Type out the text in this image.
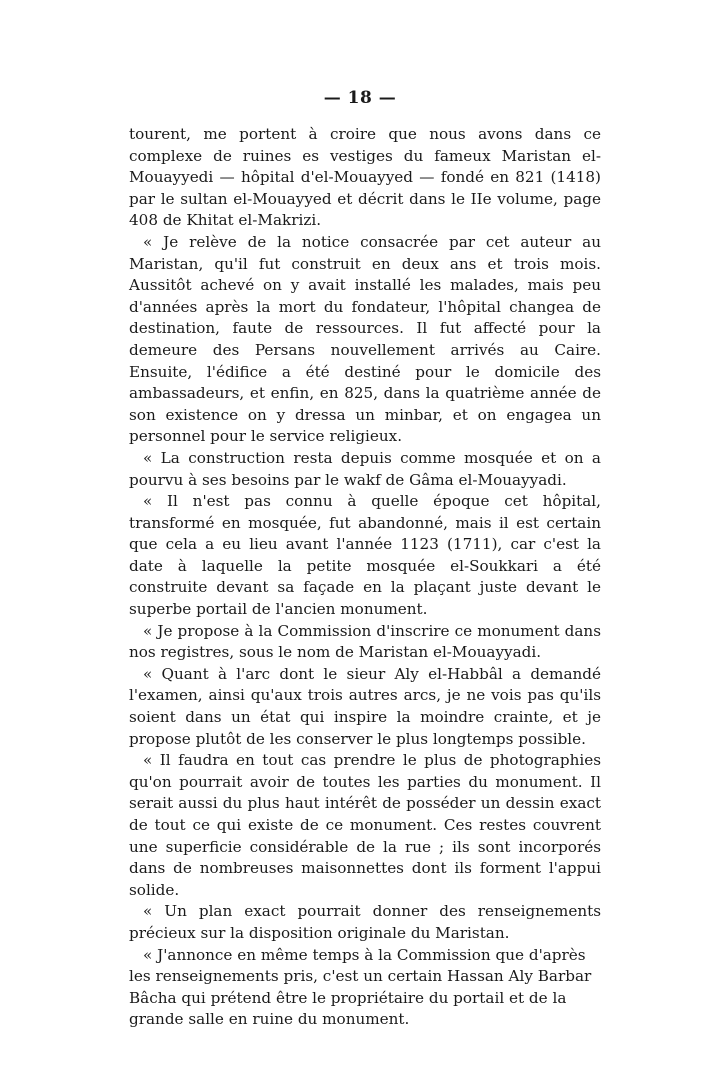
— 18 —

tourent, me portent à croire que nous avons dans ce complexe de ruines es vestiges du fameux Maristan el-Mouayyedi — hôpital d'el-Mouayyed — fondé en 821 (1418) par le sultan el-Mouayyed et décrit dans le IIe volume, page 408 de Khitat el-Makrizi.

« Je relève de la notice consacrée par cet auteur au Maristan, qu'il fut construit en deux ans et trois mois. Aussitôt achevé on y avait installé les malades, mais peu d'années après la mort du fondateur, l'hôpital changea de destination, faute de ressources. Il fut affecté pour la demeure des Persans nouvellement arrivés au Caire. Ensuite, l'édifice a été destiné pour le domicile des ambassadeurs, et enfin, en 825, dans la quatrième année de son existence on y dressa un minbar, et on engagea un personnel pour le service religieux.

« La construction resta depuis comme mosquée et on a pourvu à ses besoins par le wakf de Gâma el-Mouayyadi.

« Il n'est pas connu à quelle époque cet hôpital, transformé en mosquée, fut abandonné, mais il est certain que cela a eu lieu avant l'année 1123 (1711), car c'est la date à laquelle la petite mosquée el-Soukkari a été construite devant sa façade en la plaçant juste devant le superbe portail de l'ancien monument.

« Je propose à la Commission d'inscrire ce monument dans nos registres, sous le nom de Maristan el-Mouayyadi.

« Quant à l'arc dont le sieur Aly el-Habbâl a demandé l'examen, ainsi qu'aux trois autres arcs, je ne vois pas qu'ils soient dans un état qui inspire la moindre crainte, et je propose plutôt de les conserver le plus longtemps possible.

« Il faudra en tout cas prendre le plus de photographies qu'on pourrait avoir de toutes les parties du monument. Il serait aussi du plus haut intérêt de posséder un dessin exact de tout ce qui existe de ce monument. Ces restes couvrent une superficie considérable de la rue ; ils sont incorporés dans de nombreuses maisonnettes dont ils forment l'appui solide.

« Un plan exact pourrait donner des renseignements précieux sur la disposition originale du Maristan.

« J'annonce en même temps à la Commission que d'après les renseignements pris, c'est un certain Hassan Aly Barbar Bâcha qui prétend être le propriétaire du portail et de la grande salle en ruine du monument.
